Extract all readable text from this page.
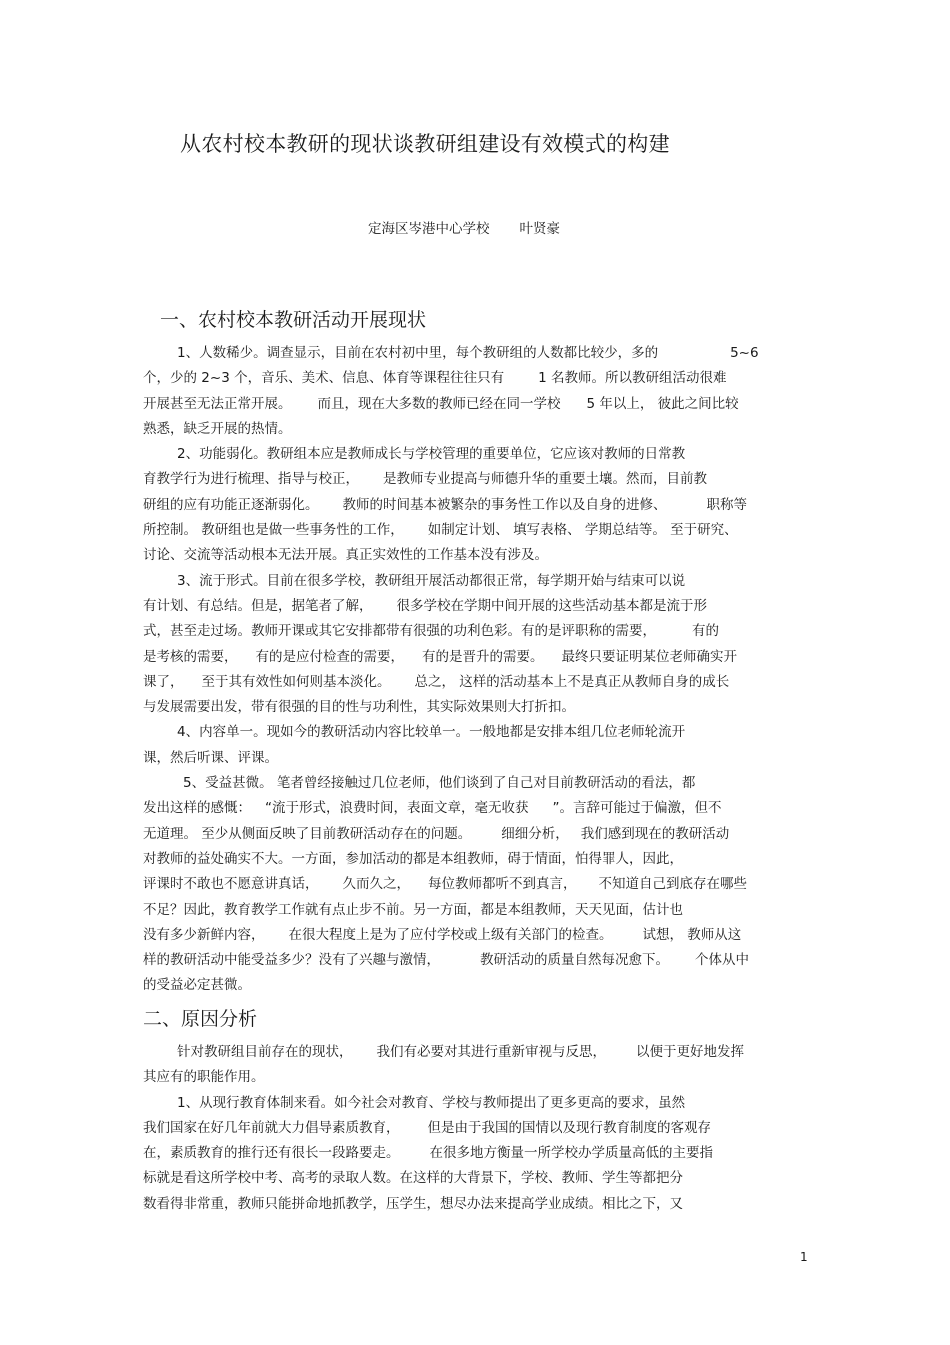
从农村校本教研的现状谈教研组建设有效模式的构建
定海区岑港中心学校 叶贤豪
一、农村校本教研活动开展现状
1、人数稀少。调查显示，目前在农村初中里，每个教研组的人数都比较少，多的	5~6
个，少的 2~3 个，音乐、美术、信息、体育等课程往往只有	1 名教师。所以教研组活动很难
开展甚至无法正常开展。 而且，现在大多数的教师已经在同一学校 5 年以上， 彼此之间比较
熟悉，缺乏开展的热情。
2、功能弱化。教研组本应是教师成长与学校管理的重要单位，它应该对教师的日常教
育教学行为进行梳理、指导与校正， 是教师专业提高与师德升华的重要土壤。然而，目前教
研组的应有功能正逐渐弱化。 教师的时间基本被繁杂的事务性工作以及自身的进修、	职称等
所控制。 教研组也是做一些事务性的工作， 如制定计划、 填写表格、 学期总结等。 至于研究、
讨论、交流等活动根本无法开展。真正实效性的工作基本没有涉及。
3、流于形式。目前在很多学校，教研组开展活动都很正常，每学期开始与结束可以说
有计划、有总结。但是，据笔者了解， 很多学校在学期中间开展的这些活动基本都是流于形
式，甚至走过场。教师开课或其它安排都带有很强的功利色彩。有的是评职称的需要，	有的
是考核的需要， 有的是应付检查的需要， 有的是晋升的需要。 最终只要证明某位老师确实开
课了， 至于其有效性如何则基本淡化。 总之， 这样的活动基本上不是真正从教师自身的成长
与发展需要出发，带有很强的目的性与功利性，其实际效果则大打折扣。
4、内容单一。现如今的教研活动内容比较单一。一般地都是安排本组几位老师轮流开
课，然后听课、评课。
5、受益甚微。 笔者曾经接触过几位老师，他们谈到了自己对目前教研活动的看法，都
发出这样的感慨： “流于形式，浪费时间，表面文章，毫无收获 ”。言辞可能过于偏激，但不
无道理。 至少从侧面反映了目前教研活动存在的问题。 细细分析， 我们感到现在的教研活动
对教师的益处确实不大。一方面，参加活动的都是本组教师，碍于情面，怕得罪人，因此，
评课时不敢也不愿意讲真话， 久而久之， 每位教师都听不到真言， 不知道自己到底存在哪些
不足？因此，教育教学工作就有点止步不前。另一方面，都是本组教师，天天见面，估计也
没有多少新鲜内容， 在很大程度上是为了应付学校或上级有关部门的检查。 试想， 教师从这
样的教研活动中能受益多少？没有了兴趣与激情，	教研活动的质量自然每况愈下。 个体从中
的受益必定甚微。
二、原因分析
针对教研组目前存在的现状， 我们有必要对其进行重新审视与反思， 以便于更好地发挥
其应有的职能作用。
1、从现行教育体制来看。如今社会对教育、学校与教师提出了更多更高的要求，虽然
我们国家在好几年前就大力倡导素质教育， 但是由于我国的国情以及现行教育制度的客观存
在，素质教育的推行还有很长一段路要走。 在很多地方衡量一所学校办学质量高低的主要指
标就是看这所学校中考、高考的录取人数。在这样的大背景下，学校、教师、学生等都把分
数看得非常重，教师只能拼命地抓教学，压学生，想尽办法来提高学业成绩。相比之下，又
1
